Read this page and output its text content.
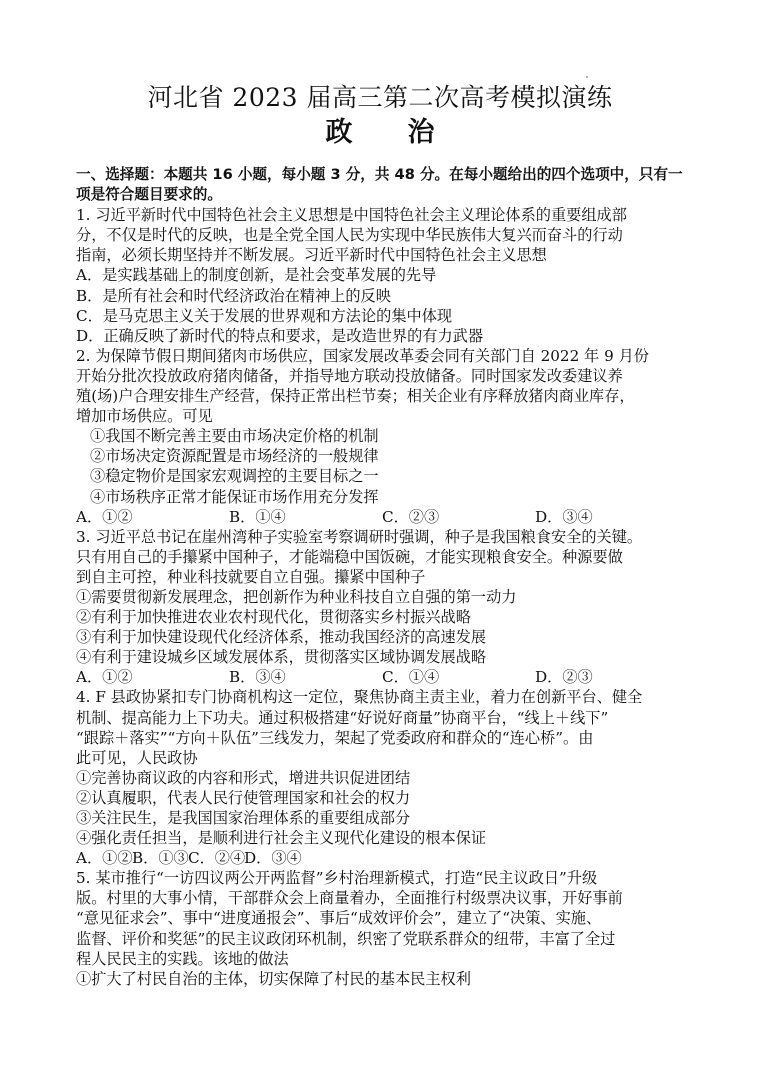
河北省 2023 届高三第二次高考模拟演练
政　治
一、选择题：本题共 16 小题，每小题 3 分，共 48 分。在每小题给出的四个选项中，只有一
项是符合题目要求的。
1. 习近平新时代中国特色社会主义思想是中国特色社会主义理论体系的重要组成部
分，不仅是时代的反映，也是全党全国人民为实现中华民族伟大复兴而奋斗的行动
指南，必须长期坚持并不断发展。习近平新时代中国特色社会主义思想
A．是实践基础上的制度创新，是社会变革发展的先导
B．是所有社会和时代经济政治在精神上的反映
C．是马克思主义关于发展的世界观和方法论的集中体现
D．正确反映了新时代的特点和要求，是改造世界的有力武器
2. 为保障节假日期间猪肉市场供应，国家发展改革委会同有关部门自 2022 年 9 月份
开始分批次投放政府猪肉储备，并指导地方联动投放储备。同时国家发改委建议养
殖(场)户合理安排生产经营，保持正常出栏节奏；相关企业有序释放猪肉商业库存，
增加市场供应。可见
①我国不断完善主要由市场决定价格的机制
②市场决定资源配置是市场经济的一般规律
③稳定物价是国家宏观调控的主要目标之一
④市场秩序正常才能保证市场作用充分发挥
A．①②	B．①④	C．②③	D．③④
3. 习近平总书记在崖州湾种子实验室考察调研时强调，种子是我国粮食安全的关键。
只有用自己的手攥紧中国种子，才能端稳中国饭碗，才能实现粮食安全。种源要做
到自主可控，种业科技就要自立自强。攥紧中国种子
①需要贯彻新发展理念，把创新作为种业科技自立自强的第一动力
②有利于加快推进农业农村现代化，贯彻落实乡村振兴战略
③有利于加快建设现代化经济体系，推动我国经济的高速发展
④有利于建设城乡区域发展体系，贯彻落实区域协调发展战略
A．①②	B．③④	C．①④	D．②③
4. F 县政协紧扣专门协商机构这一定位，聚焦协商主责主业，着力在创新平台、健全
机制、提高能力上下功夫。通过积极搭建“好说好商量”协商平台，“线上＋线下”
“跟踪＋落实”“方向＋队伍”三线发力，架起了党委政府和群众的“连心桥”。由
此可见，人民政协
①完善协商议政的内容和形式，增进共识促进团结
②认真履职，代表人民行使管理国家和社会的权力
③关注民生，是我国国家治理体系的重要组成部分
④强化责任担当，是顺利进行社会主义现代化建设的根本保证
A．①② B．①③ C．②④
D．③④
5. 某市推行“一访四议两公开两监督”乡村治理新模式，打造“民主议政日”升级
版。村里的大事小情，干部群众会上商量着办，全面推行村级票决议事，开好事前
“意见征求会”、事中“进度通报会”、事后“成效评价会”，建立了“决策、实施、
监督、评价和奖惩”的民主议政闭环机制，织密了党联系群众的纽带，丰富了全过
程人民民主的实践。该地的做法
①扩大了村民自治的主体，切实保障了村民的基本民主权利
